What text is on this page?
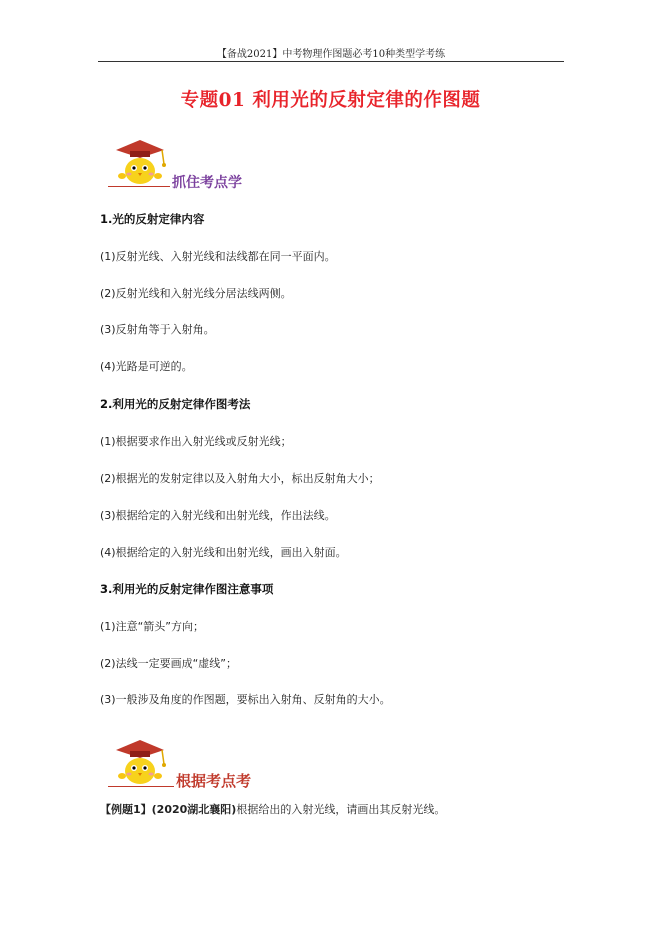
【备战2021】中考物理作图题必考10种类型学考练
专题01 利用光的反射定律的作图题
抓住考点学
1.光的反射定律内容
(1)反射光线、入射光线和法线都在同一平面内。
(2)反射光线和入射光线分居法线两侧。
(3)反射角等于入射角。
(4)光路是可逆的。
2.利用光的反射定律作图考法
(1)根据要求作出入射光线或反射光线；
(2)根据光的发射定律以及入射角大小，标出反射角大小；
(3)根据给定的入射光线和出射光线，作出法线。
(4)根据给定的入射光线和出射光线，画出入射面。
3.利用光的反射定律作图注意事项
(1)注意“箭头”方向；
(2)法线一定要画成“虚线”；
(3)一般涉及角度的作图题，要标出入射角、反射角的大小。
根据考点考
【例题1】(2020湖北襄阳)根据给出的入射光线，请画出其反射光线。
